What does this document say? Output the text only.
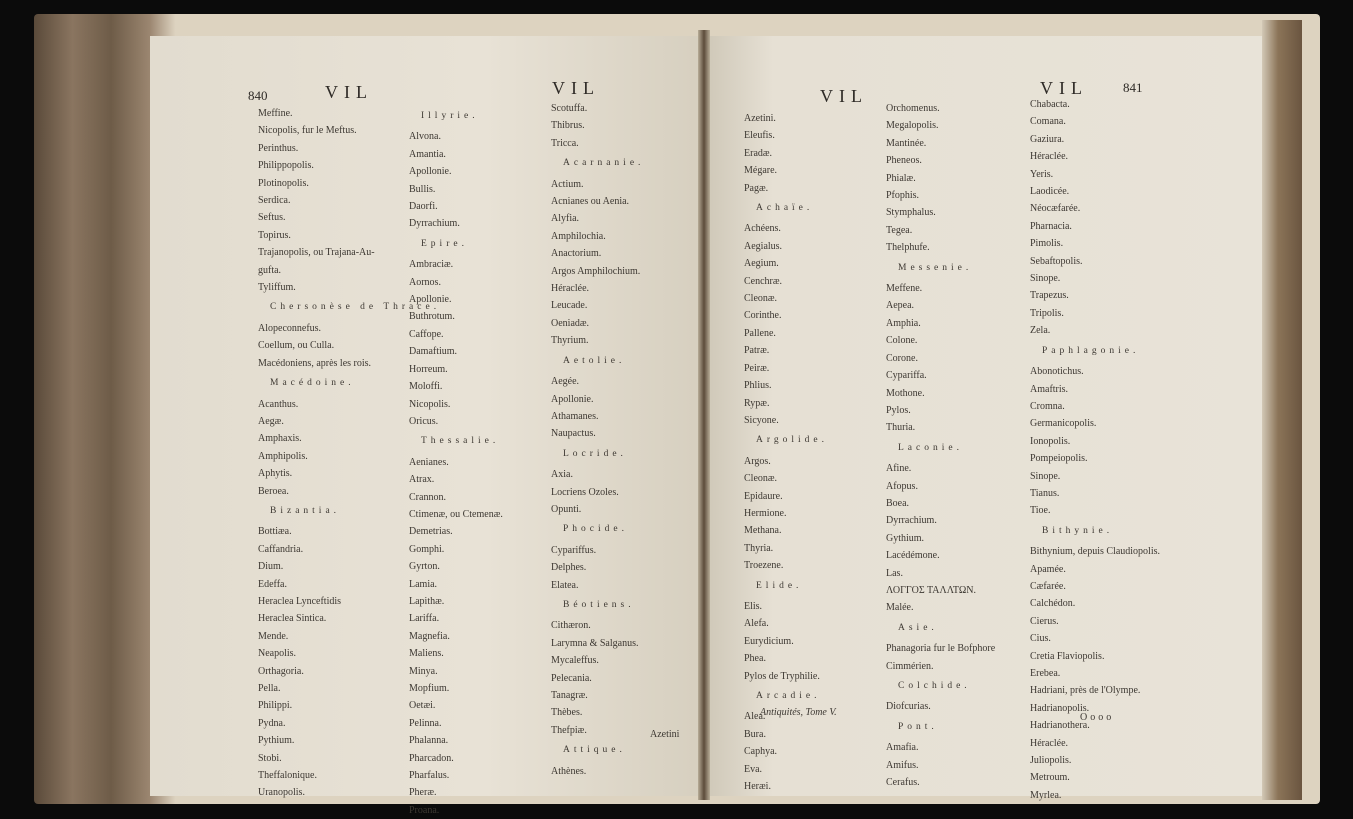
840	VIL	VIL
Meffine.
Nicopolis, fur le Meftus.
Perinthus.
Philippopolis.
Plotinopolis.
Serdica.
Seftus.
Topirus.
Trajanopolis, ou Trajana-Au-
gufta.
Tyliffum.
Chersonèse de Thrace.
Alopeconnefus.
Coellum, ou Culla.
Macédoniens, après les rois.
Macédoine.
Acanthus.
Aegæ.
Amphaxis.
Amphipolis.
Aphytis.
Beroea.
Bizantia.
Bottiæa.
Caffandria.
Dium.
Edeffa.
Heraclea Lynceftidis
Heraclea Sintica.
Mende.
Neapolis.
Orthagoria.
Pella.
Philippi.
Pydna.
Pythium.
Stobi.
Theffalonique.
Uranopolis.
Illyrie.
Alvona.
Amantia.
Apollonie.
Bullis.
Daorfi.
Dyrrachium.
Epire.
Ambraciæ.
Aornos.
Apollonie.
Buthrotum.
Caffope.
Damaftium.
Horreum.
Moloffi.
Nicopolis.
Oricus.
Thessalie.
Aenianes.
Atrax.
Crannon.
Ctimenæ, ou Ctemenæ.
Demetrias.
Gomphi.
Gyrton.
Lamia.
Lapithæ.
Lariffa.
Magnefia.
Maliens.
Minya.
Mopfium.
Oetæi.
Pelinna.
Phalanna.
Pharcadon.
Pharfalus.
Pheræ.
Proana.
Scotuffa.
Thibrus.
Tricca.
Acarnanie.
Actium.
Acnianes ou Aenia.
Alyfia.
Amphilochia.
Anactorium.
Argos Amphilochium.
Héraclée.
Leucade.
Oeniadæ.
Thyrium.
Aetolie.
Aegée.
Apollonie.
Athamanes.
Naupactus.
Locride.
Axia.
Locriens Ozoles.
Opunti.
Phocide.
Cypariffus.
Delphes.
Elatea.
Béotiens.
Cithæron.
Larymna & Salganus.
Mycaleffus.
Pelecania.
Tanagræ.
Thèbes.
Thefpiæ.
Attique.
Athènes.
Azetini
VIL	VIL	841
Azetini.
Eleufis.
Eradæ.
Mégare.
Pagæ.
Achaïe.
Achéens.
Aegialus.
Aegium.
Cenchræ.
Cleonæ.
Corinthe.
Pallene.
Patræ.
Peiræ.
Phlius.
Rypæ.
Sicyone.
Argolide.
Argos.
Cleonæ.
Epidaure.
Hermione.
Methana.
Thyria.
Troezene.
Elide.
Elis.
Alefa.
Eurydicium.
Phea.
Pylos de Tryphilie.
Arcadie.
Alea.
Bura.
Caphya.
Eva.
Heræi.
Orchomenus.
Megalopolis.
Mantinée.
Pheneos.
Phialæ.
Pfophis.
Stymphalus.
Tegea.
Thelphufe.
Messenie.
Meffene.
Aepea.
Amphia.
Colone.
Corone.
Cypariffa.
Mothone.
Pylos.
Thuria.
Laconie.
Afine.
Afopus.
Boea.
Dyrrachium.
Gythium.
Lacédémone.
Las.
ΛΟΓΓΟΣ ΤΑΛΛΤΩΝ.
Malée.
Asie.
Phanagoria fur le Bofphore
Cimmérien.
Colchide.
Diofcurias.
Pont.
Amafia.
Amifus.
Cerafus.
Chabacta.
Comana.
Gaziura.
Héraclée.
Yeris.
Laodicée.
Néocæfarée.
Pharnacia.
Pimolis.
Sebaftopolis.
Sinope.
Trapezus.
Tripolis.
Zela.
Paphlagonie.
Abonotichus.
Amaftris.
Cromna.
Germanicopolis.
Ionopolis.
Pompeiopolis.
Sinope.
Tianus.
Tioe.
Bithynie.
Bithynium, depuis Claudiopolis.
Apamée.
Cæfarée.
Calchédon.
Cierus.
Cius.
Cretia Flaviopolis.
Erebea.
Hadriani, près de l'Olympe.
Hadrianopolis.
Hadrianothera.
Héraclée.
Juliopolis.
Metroum.
Myrlea.
Antiquités, Tome V.	Oooo
